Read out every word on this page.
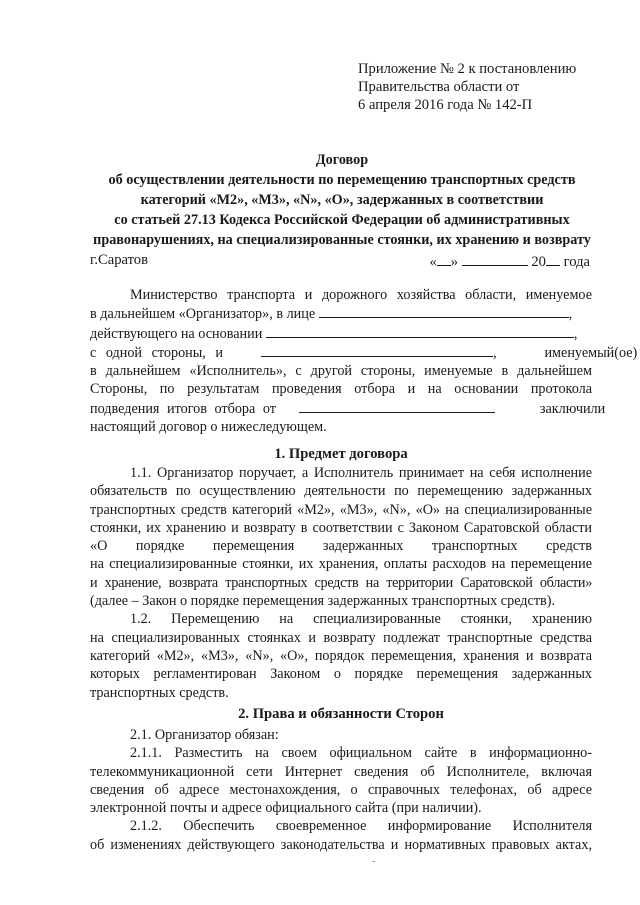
Приложение № 2 к постановлению
Правительства области от
6 апреля 2016 года № 142-П
Договор
об осуществлении деятельности по перемещению транспортных средств
категорий «М2», «М3», «N», «О», задержанных в соответствии
со статьей 27.13 Кодекса Российской Федерации об административных
правонарушениях, на специализированные стоянки, их хранению и возврату
г.Саратов	« »	20 года
Министерство транспорта и дорожного хозяйства области, именуемое
в дальнейшем «Организатор», в лице	,
действующего на основании	,
с одной стороны, и	,     именуемый(ое)
в дальнейшем «Исполнитель», с другой стороны, именуемые в дальнейшем
Стороны, по результатам проведения отбора и на основании протокола
подведения итогов отбора от	заключили
настоящий договор о нижеследующем.
1. Предмет договора
1.1. Организатор поручает, а Исполнитель принимает на себя исполнение
обязательств по осуществлению деятельности по перемещению задержанных
транспортных средств категорий «М2», «М3», «N», «О» на специализированные
стоянки, их хранению и возврату в соответствии с Законом Саратовской области
«О порядке перемещения задержанных транспортных средств
на специализированные стоянки, их хранения, оплаты расходов на перемещение
и хранение, возврата транспортных средств на территории Саратовской области»
(далее – Закон о порядке перемещения задержанных транспортных средств).
1.2. Перемещению на специализированные стоянки, хранению
на специализированных стоянках и возврату подлежат транспортные средства
категорий «М2», «М3», «N», «О», порядок перемещения, хранения и возврата
которых регламентирован Законом о порядке перемещения задержанных
транспортных средств.
2. Права и обязанности Сторон
2.1. Организатор обязан:
2.1.1. Разместить на своем официальном сайте в информационно-
телекоммуникационной сети Интернет сведения об Исполнителе, включая
сведения об адресе местонахождения, о справочных телефонах, об адресе
электронной почты и адресе официального сайта (при наличии).
2.1.2. Обеспечить своевременное информирование Исполнителя
об изменениях действующего законодательства и нормативных правовых актах,
-
